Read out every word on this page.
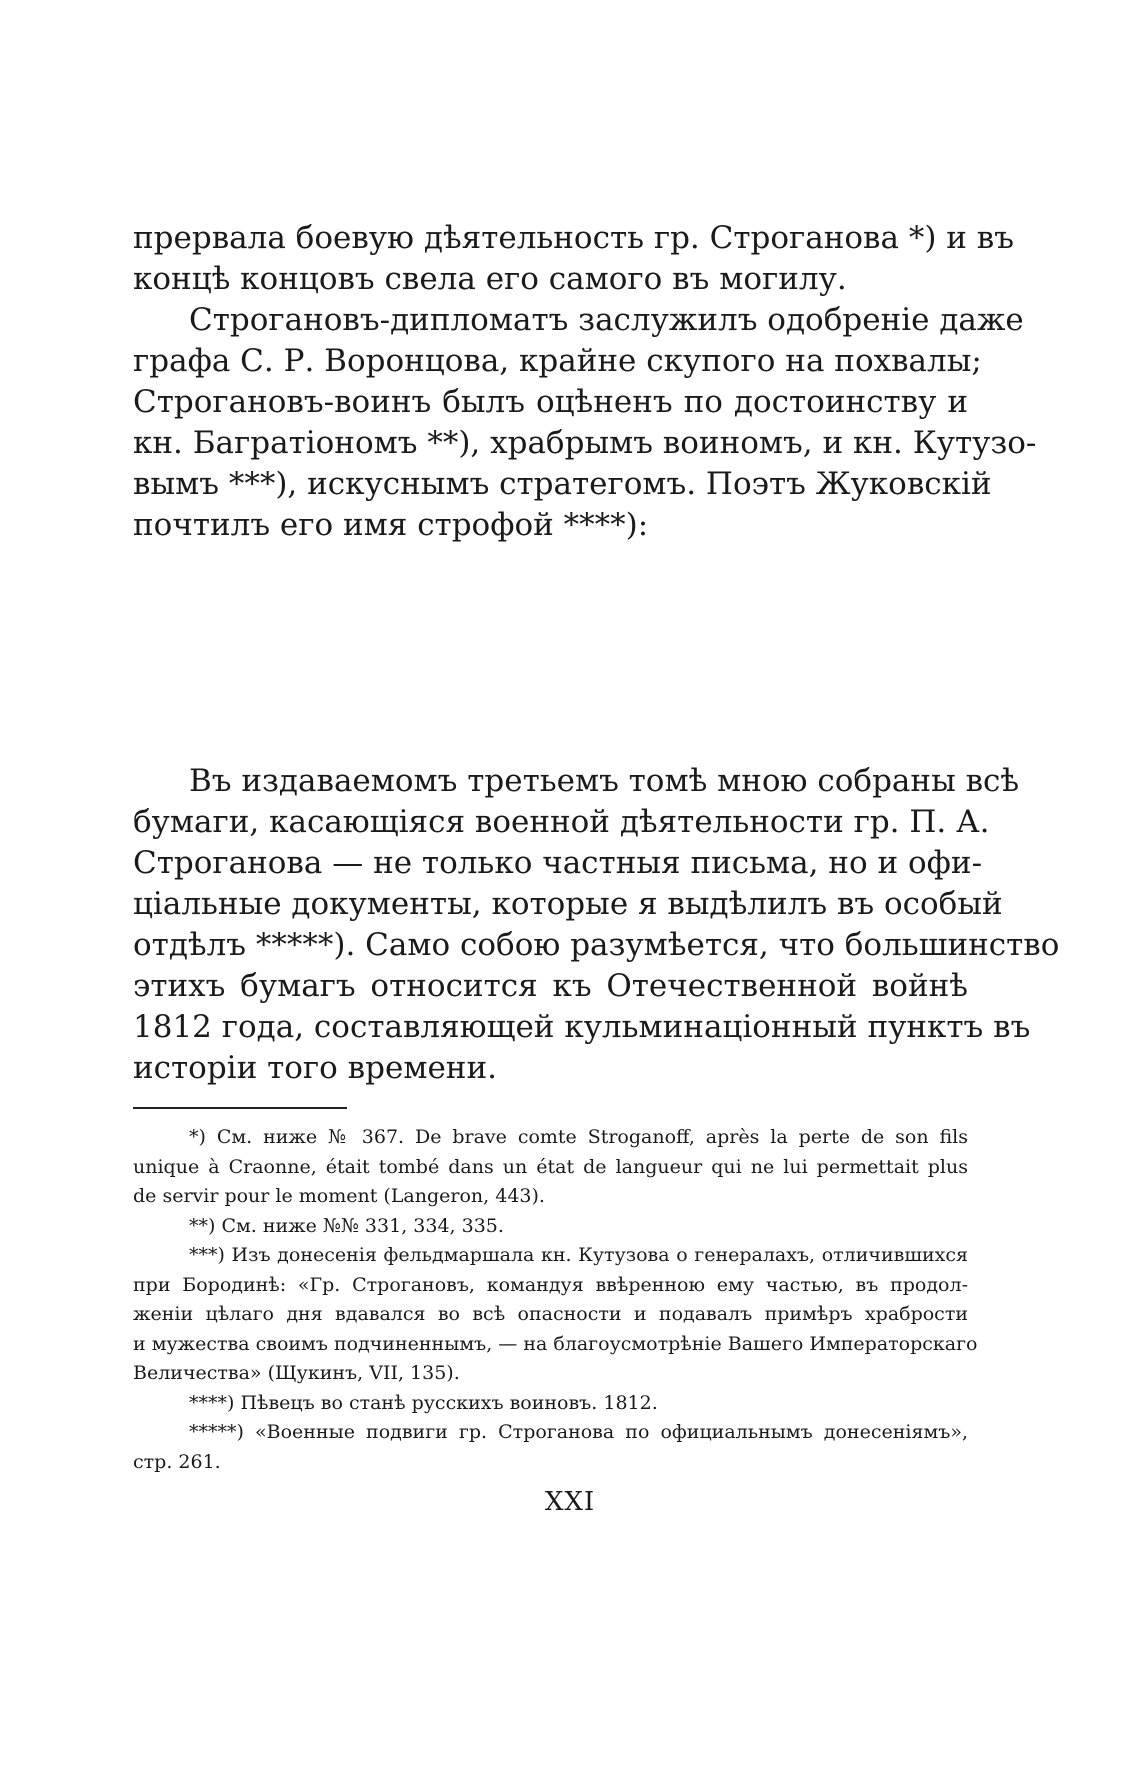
прервала боевую дѣятельность гр. Строганова *) и въ
концѣ концовъ свела его самого въ могилу.
Строгановъ-дипломатъ заслужилъ одобренiе даже
графа С. Р. Воронцова, крайне скупого на похвалы;
Строгановъ-воинъ былъ оцѣненъ по достоинству и
кн. Багратiономъ **), храбрымъ воиномъ, и кн. Кутузо-
вымъ ***), искуснымъ стратегомъ. Поэтъ Жуковскiй
почтилъ его имя строфой ****):
Въ издаваемомъ третьемъ томѣ мною собраны всѣ
бумаги, касающiяся военной дѣятельности гр. П. А.
Строганова — не только частныя письма, но и офи-
цiальные документы, которые я выдѣлилъ въ особый
отдѣлъ *****). Само собою разумѣется, что большинство
этихъ бумагъ относится къ Отечественной войнѣ
1812 года, составляющей кульминацiонный пунктъ въ
исторiи того времени.
*) См. ниже № 367. De brave comte Stroganoff, après la perte de son fils
unique à Craonne, était tombé dans un état de langueur qui ne lui permettait plus
de servir pour le moment (Langeron, 443).
**) См. ниже №№ 331, 334, 335.
***) Изъ донесенiя фельдмаршала кн. Кутузова о генералахъ, отличившихся
при Бородинѣ: «Гр. Строгановъ, командуя ввѣренною ему частью, въ продол-
женiи цѣлаго дня вдавался во всѣ опасности и подавалъ примѣръ храбрости
и мужества своимъ подчиненнымъ, — на благоусмотрѣнiе Вашего Императорскаго
Величества» (Щукинъ, VII, 135).
****) Пѣвецъ во станѣ русскихъ воиновъ. 1812.
*****) «Военные подвиги гр. Строганова по официальнымъ донесенiямъ»,
стр. 261.
XXI
